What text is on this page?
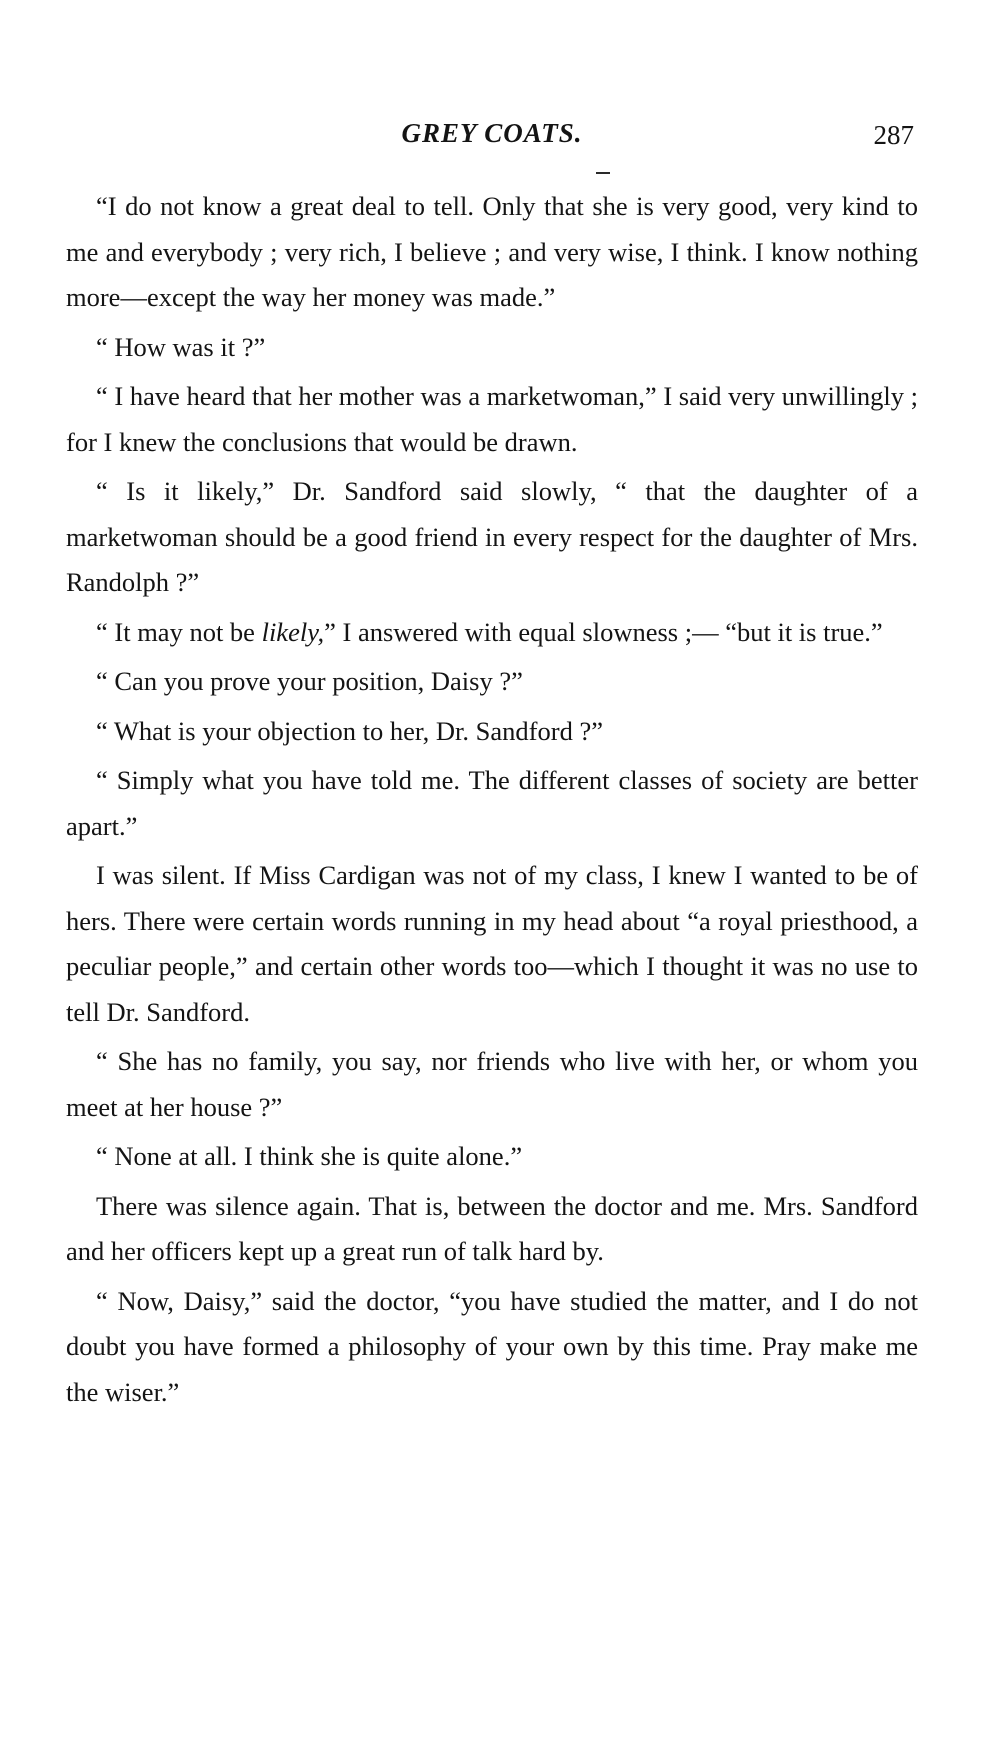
GREY COATS.	287

“I do not know a great deal to tell. Only that she is very good, very kind to me and everybody ; very rich, I believe ; and very wise, I think. I know nothing more—except the way her money was made.”

“ How was it ?”

“ I have heard that her mother was a marketwoman,” I said very unwillingly ; for I knew the conclusions that would be drawn.

“ Is it likely,” Dr. Sandford said slowly, “ that the daughter of a marketwoman should be a good friend in every respect for the daughter of Mrs. Randolph ?”

“ It may not be likely,” I answered with equal slowness ;— “but it is true.”

“ Can you prove your position, Daisy ?”

“ What is your objection to her, Dr. Sandford ?”

“ Simply what you have told me. The different classes of society are better apart.”

I was silent. If Miss Cardigan was not of my class, I knew I wanted to be of hers. There were certain words running in my head about “a royal priesthood, a peculiar people,” and certain other words too—which I thought it was no use to tell Dr. Sandford.

“ She has no family, you say, nor friends who live with her, or whom you meet at her house ?”

“ None at all. I think she is quite alone.”

There was silence again. That is, between the doctor and me. Mrs. Sandford and her officers kept up a great run of talk hard by.

“ Now, Daisy,” said the doctor, “you have studied the matter, and I do not doubt you have formed a philosophy of your own by this time. Pray make me the wiser.”
